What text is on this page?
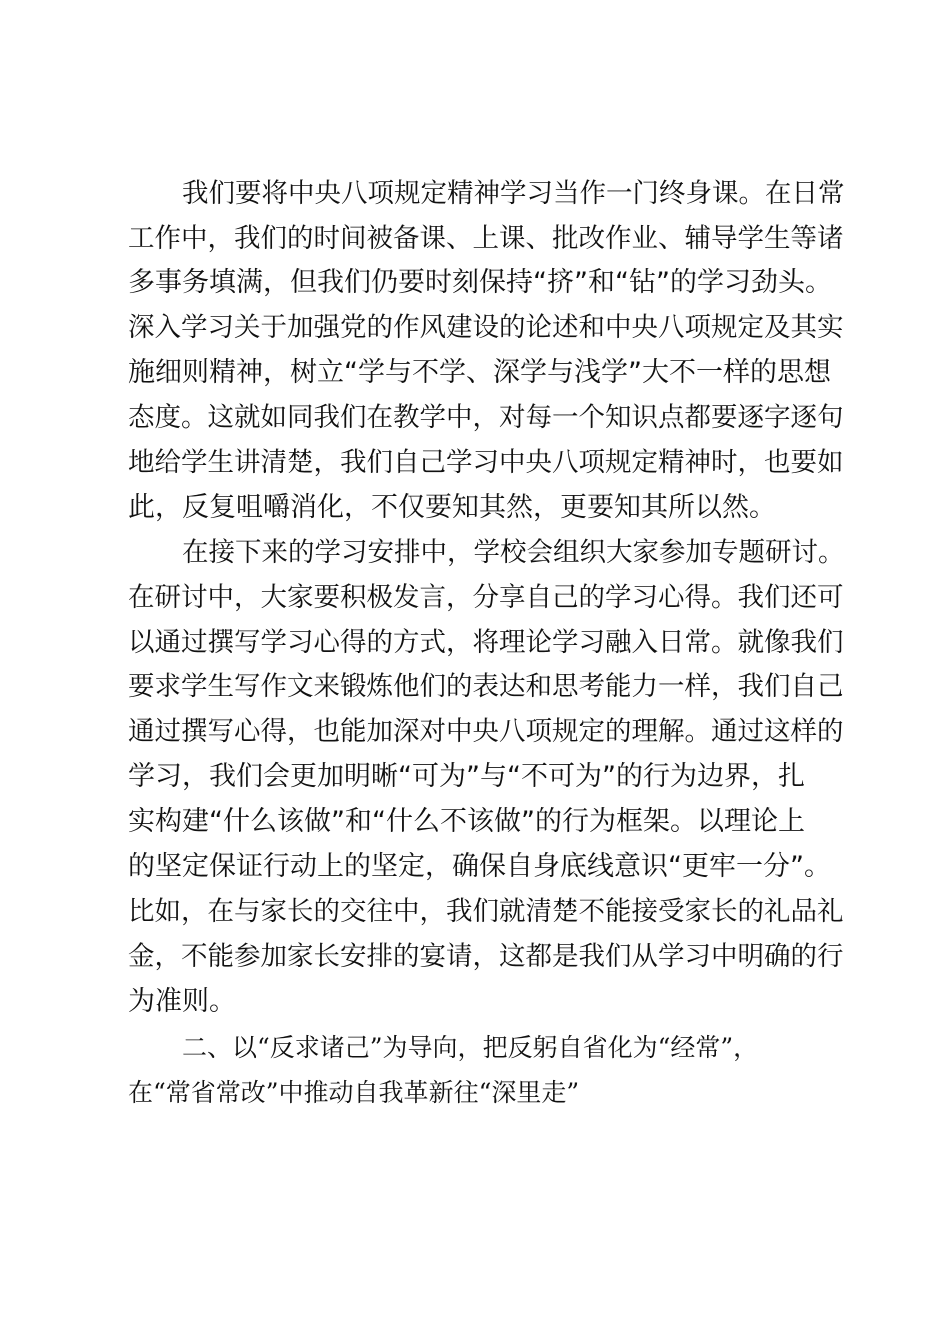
我们要将中央八项规定精神学习当作一门终身课。在日常
工作中，我们的时间被备课、上课、批改作业、辅导学生等诸
多事务填满，但我们仍要时刻保持“挤”和“钻”的学习劲头。
深入学习关于加强党的作风建设的论述和中央八项规定及其实
施细则精神，树立“学与不学、深学与浅学”大不一样的思想
态度。这就如同我们在教学中，对每一个知识点都要逐字逐句
地给学生讲清楚，我们自己学习中央八项规定精神时，也要如
此，反复咀嚼消化，不仅要知其然，更要知其所以然。
在接下来的学习安排中，学校会组织大家参加专题研讨。
在研讨中，大家要积极发言，分享自己的学习心得。我们还可
以通过撰写学习心得的方式，将理论学习融入日常。就像我们
要求学生写作文来锻炼他们的表达和思考能力一样，我们自己
通过撰写心得，也能加深对中央八项规定的理解。通过这样的
学习，我们会更加明晰“可为”与“不可为”的行为边界，扎
实构建“什么该做”和“什么不该做”的行为框架。以理论上
的坚定保证行动上的坚定，确保自身底线意识“更牢一分”。
比如，在与家长的交往中，我们就清楚不能接受家长的礼品礼
金，不能参加家长安排的宴请，这都是我们从学习中明确的行
为准则。
二、以“反求诸己”为导向，把反躬自省化为“经常”，
在“常省常改”中推动自我革新往“深里走”
